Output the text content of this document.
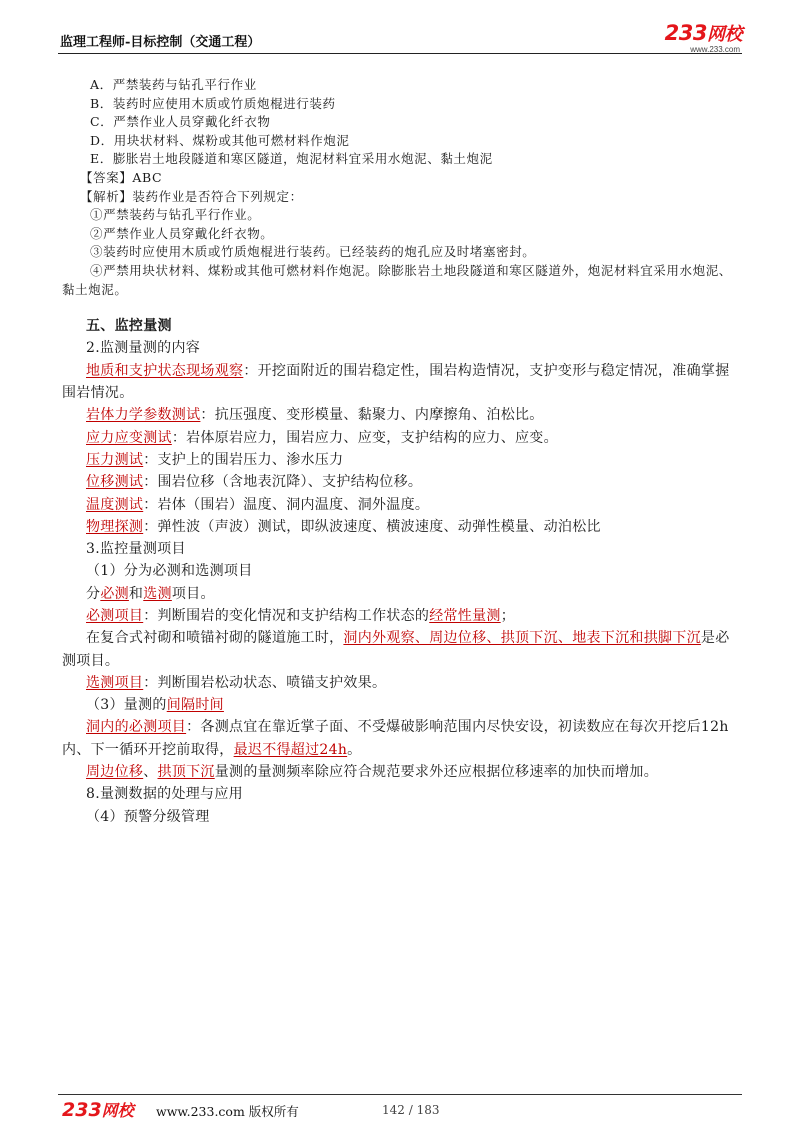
监理工程师-目标控制（交通工程）	233网校
www.233.com
A．严禁装药与钻孔平行作业
B．装药时应使用木质或竹质炮棍进行装药
C．严禁作业人员穿戴化纤衣物
D．用块状材料、煤粉或其他可燃材料作炮泥
E．膨胀岩土地段隧道和寒区隧道，炮泥材料宜采用水炮泥、黏土炮泥
【答案】ABC
【解析】装药作业是否符合下列规定：
①严禁装药与钻孔平行作业。
②严禁作业人员穿戴化纤衣物。
③装药时应使用木质或竹质炮棍进行装药。已经装药的炮孔应及时堵塞密封。
④严禁用块状材料、煤粉或其他可燃材料作炮泥。除膨胀岩土地段隧道和寒区隧道外，炮泥材料宜采用水炮泥、黏土炮泥。
五、监控量测
2.监测量测的内容
地质和支护状态现场观察：开挖面附近的围岩稳定性，围岩构造情况，支护变形与稳定情况，准确掌握围岩情况。
岩体力学参数测试：抗压强度、变形模量、黏聚力、内摩擦角、泊松比。
应力应变测试：岩体原岩应力，围岩应力、应变，支护结构的应力、应变。
压力测试：支护上的围岩压力、渗水压力
位移测试：围岩位移（含地表沉降）、支护结构位移。
温度测试：岩体（围岩）温度、洞内温度、洞外温度。
物理探测：弹性波（声波）测试，即纵波速度、横波速度、动弹性模量、动泊松比
3.监控量测项目
（1）分为必测和选测项目
分必测和选测项目。
必测项目：判断围岩的变化情况和支护结构工作状态的经常性量测；
在复合式衬砌和喷锚衬砌的隧道施工时，洞内外观察、周边位移、拱顶下沉、地表下沉和拱脚下沉是必测项目。
选测项目：判断围岩松动状态、喷锚支护效果。
（3）量测的间隔时间
洞内的必测项目：各测点宜在靠近掌子面、不受爆破影响范围内尽快安设，初读数应在每次开挖后12h内、下一循环开挖前取得，最迟不得超过24h。
周边位移、拱顶下沉量测的量测频率除应符合规范要求外还应根据位移速率的加快而增加。
8.量测数据的处理与应用
（4）预警分级管理
233网校 www.233.com 版权所有	142 / 183
